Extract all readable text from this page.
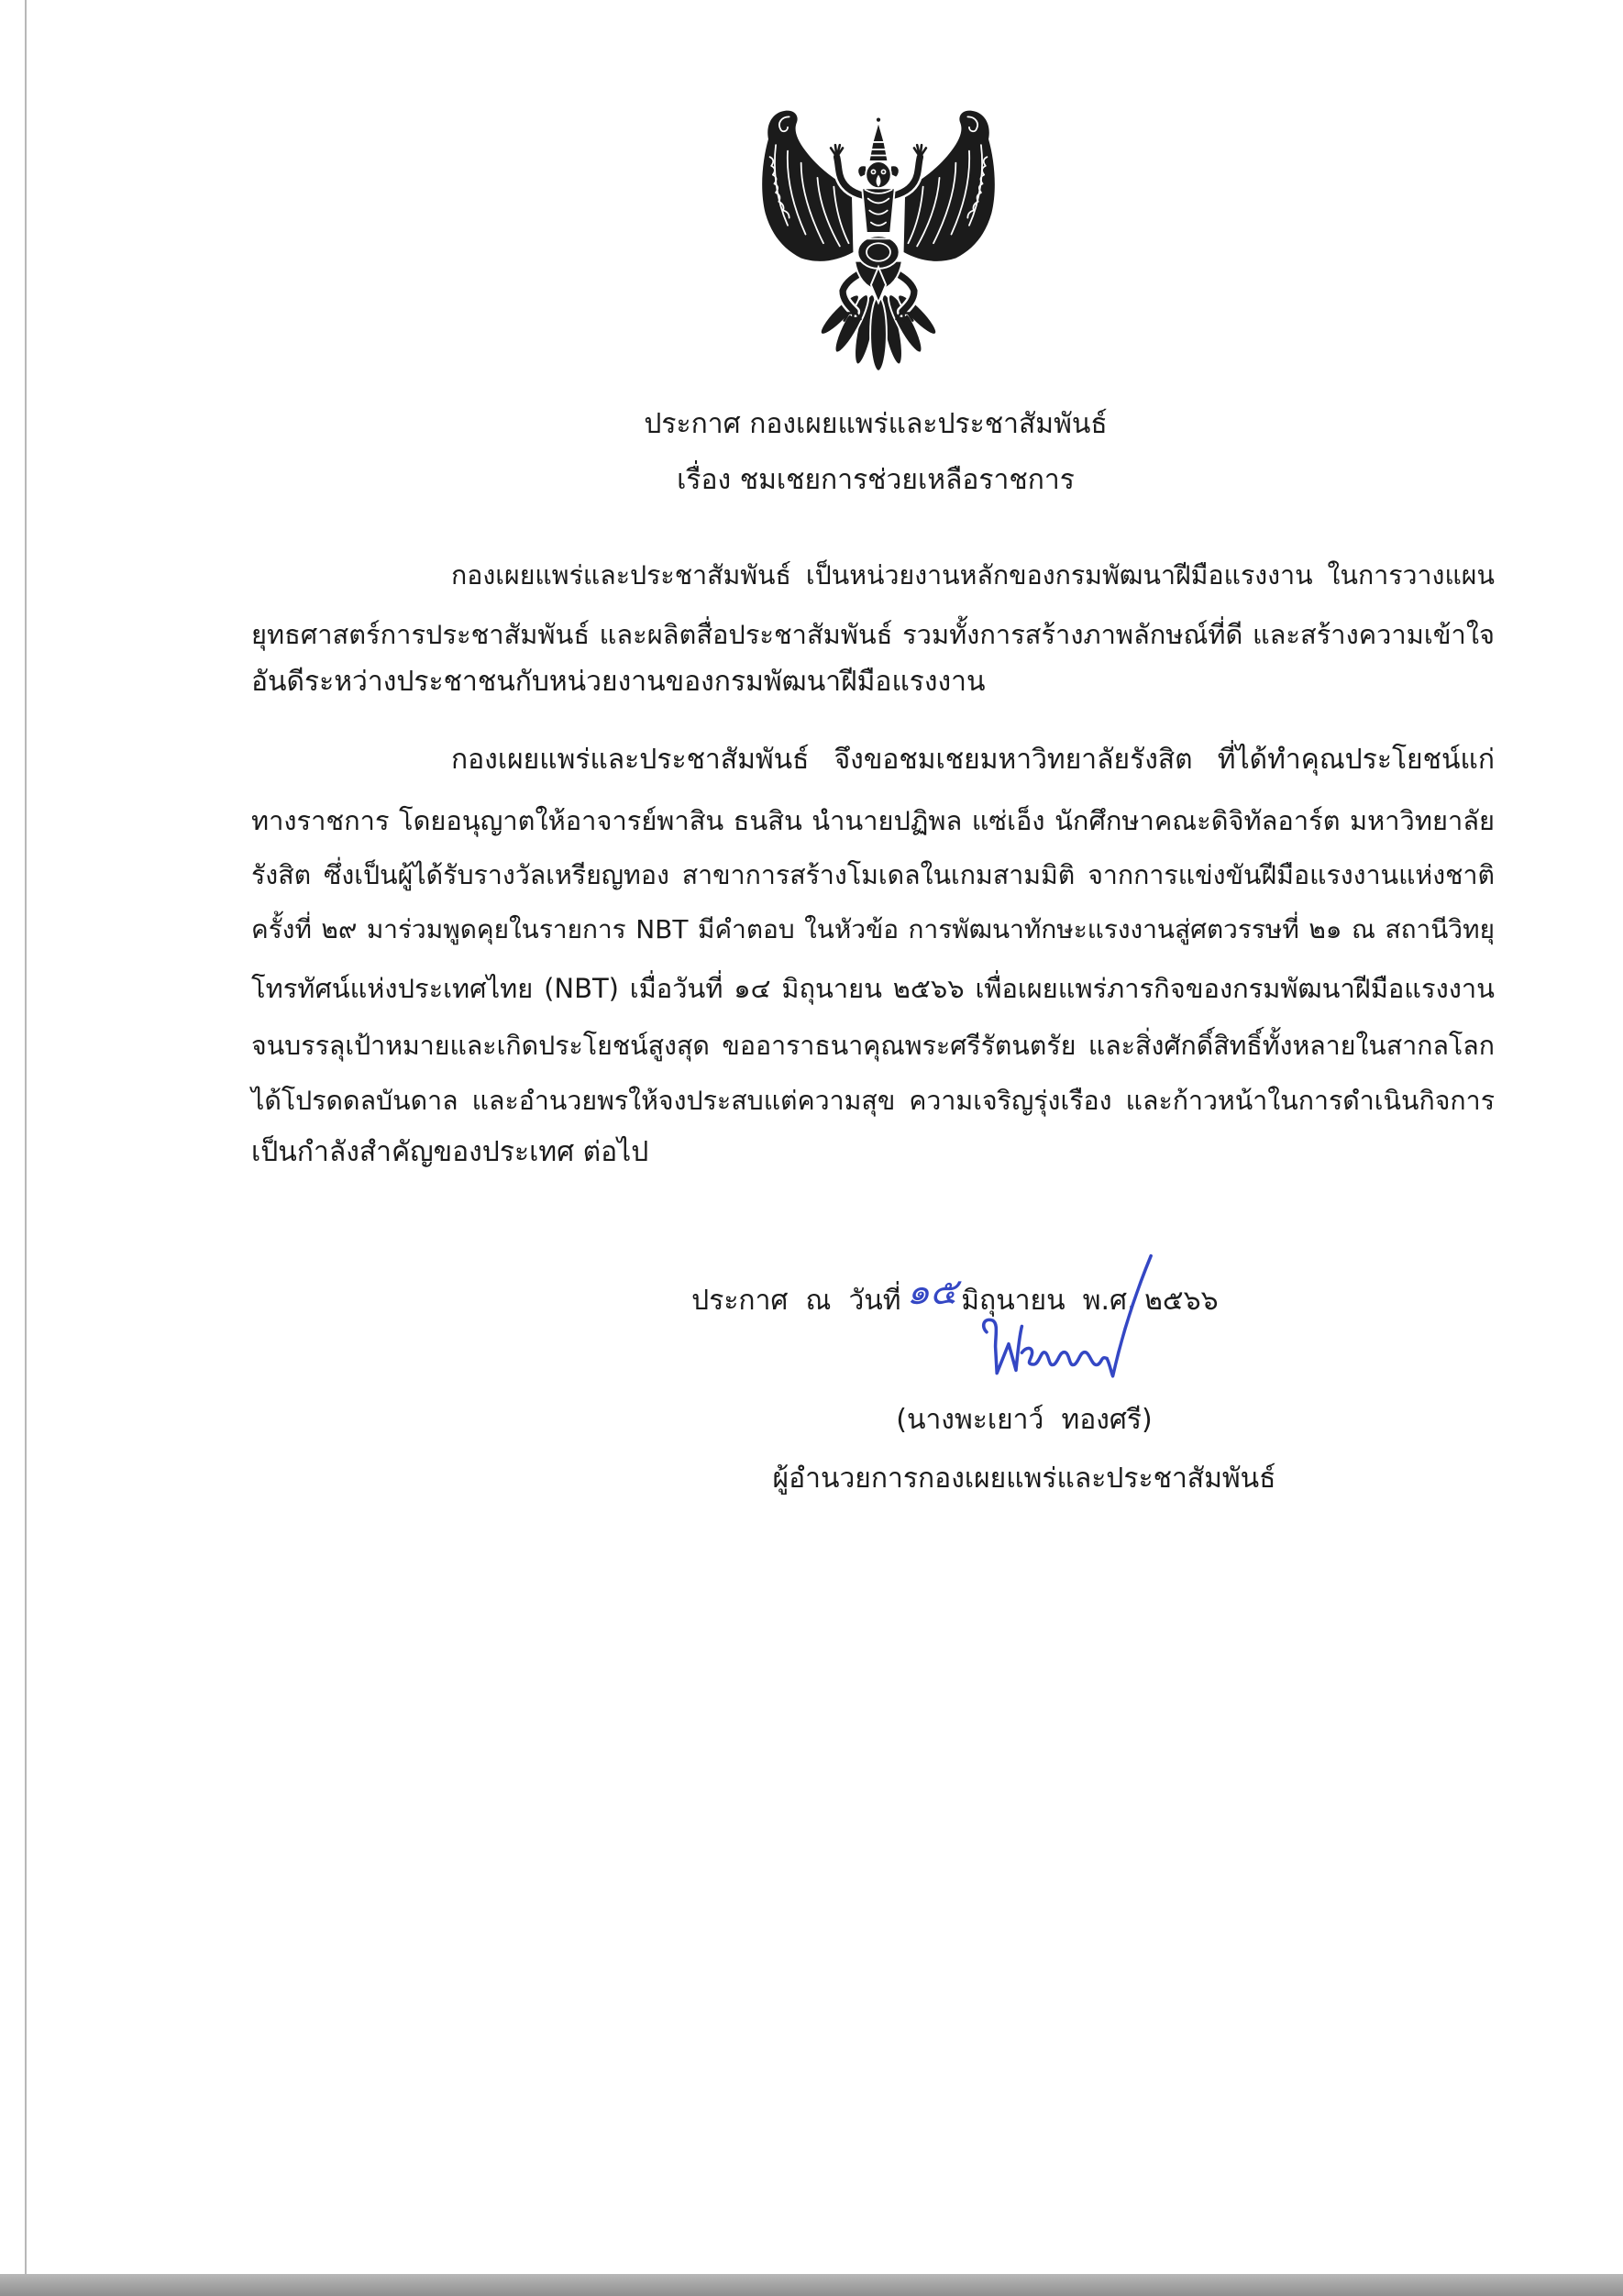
ประกาศ กองเผยแพร่และประชาสัมพันธ์
เรื่อง ชมเชยการช่วยเหลือราชการ
กองเผยแพร่และประชาสัมพันธ์ เป็นหน่วยงานหลักของกรมพัฒนาฝีมือแรงงาน ในการวางแผน
ยุทธศาสตร์การประชาสัมพันธ์ และผลิตสื่อประชาสัมพันธ์ รวมทั้งการสร้างภาพลักษณ์ที่ดี และสร้างความเข้าใจ
อันดีระหว่างประชาชนกับหน่วยงานของกรมพัฒนาฝีมือแรงงาน
กองเผยแพร่และประชาสัมพันธ์ จึงขอชมเชยมหาวิทยาลัยรังสิต ที่ได้ทำคุณประโยชน์แก่
ทางราชการ โดยอนุญาตให้อาจารย์พาสิน ธนสิน นำนายปฏิพล แซ่เอ็ง นักศึกษาคณะดิจิทัลอาร์ต มหาวิทยาลัย
รังสิต ซึ่งเป็นผู้ได้รับรางวัลเหรียญทอง สาขาการสร้างโมเดลในเกมสามมิติ จากการแข่งขันฝีมือแรงงานแห่งชาติ
ครั้งที่ ๒๙ มาร่วมพูดคุยในรายการ NBT มีคำตอบ ในหัวข้อ การพัฒนาทักษะแรงงานสู่ศตวรรษที่ ๒๑ ณ สถานีวิทยุ
โทรทัศน์แห่งประเทศไทย (NBT) เมื่อวันที่ ๑๔ มิถุนายน ๒๕๖๖ เพื่อเผยแพร่ภารกิจของกรมพัฒนาฝีมือแรงงาน
จนบรรลุเป้าหมายและเกิดประโยชน์สูงสุด ขออาราธนาคุณพระศรีรัตนตรัย และสิ่งศักดิ์สิทธิ์ทั้งหลายในสากลโลก
ได้โปรดดลบันดาล และอำนวยพรให้จงประสบแต่ความสุข ความเจริญรุ่งเรือง และก้าวหน้าในการดำเนินกิจการ
เป็นกำลังสำคัญของประเทศ ต่อไป

ประกาศ  ณ  วันที่ ๑๕ มิถุนายน  พ.ศ. ๒๕๖๖

(นางพะเยาว์  ทองศรี)
ผู้อำนวยการกองเผยแพร่และประชาสัมพันธ์
